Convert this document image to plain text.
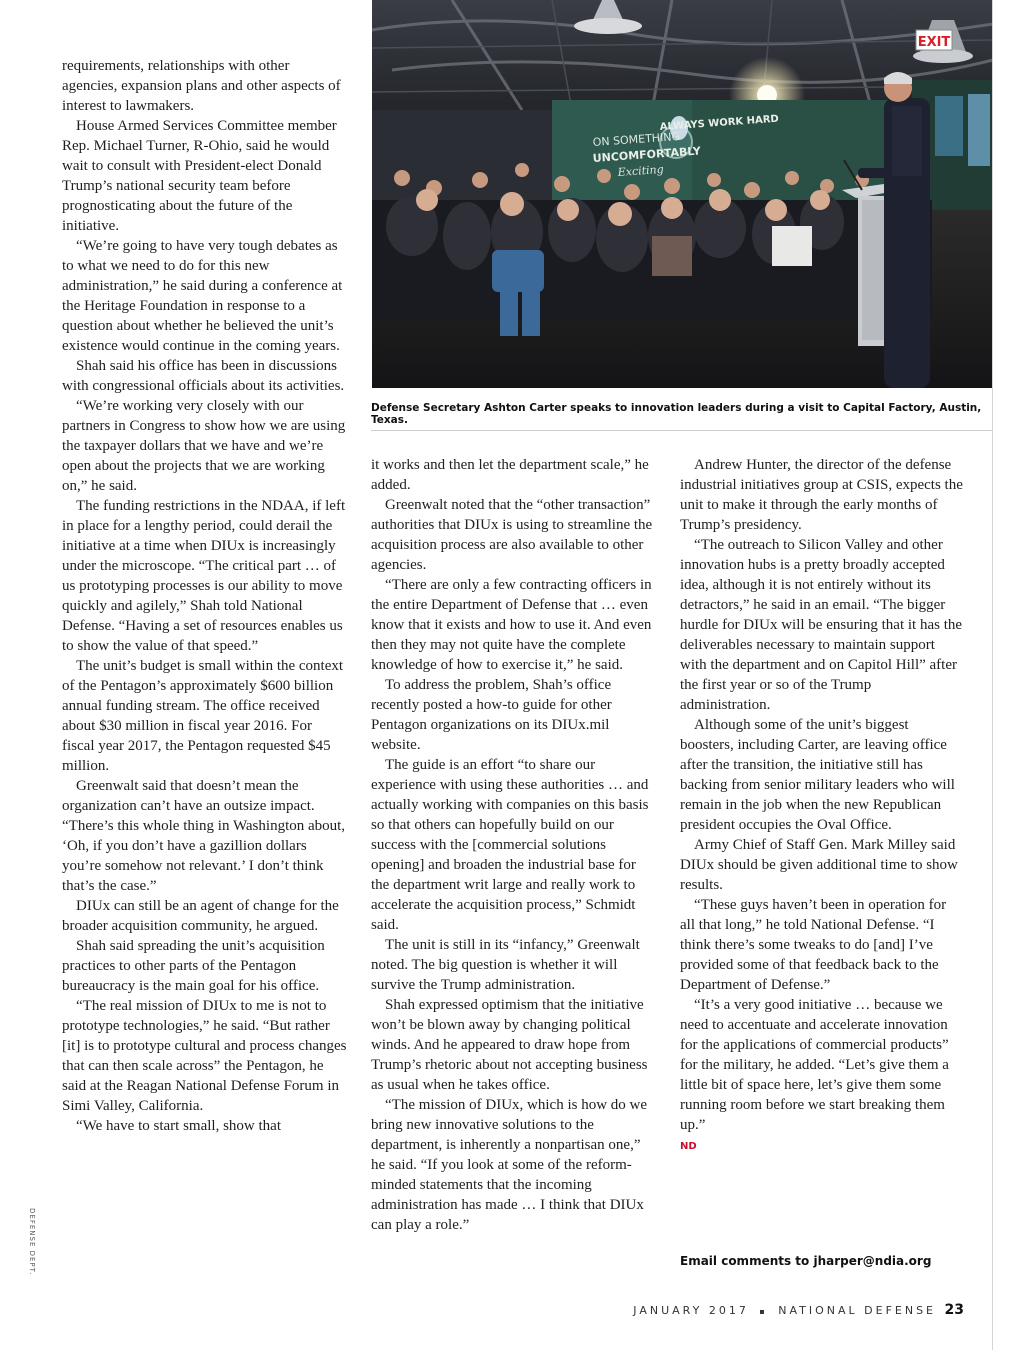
requirements, relationships with other agencies, expansion plans and other aspects of interest to lawmakers.

House Armed Services Committee member Rep. Michael Turner, R-Ohio, said he would wait to consult with President-elect Donald Trump’s national security team before prognosticating about the future of the initiative.

“We’re going to have very tough debates as to what we need to do for this new administration,” he said during a conference at the Heritage Foundation in response to a question about whether he believed the unit’s existence would continue in the coming years.

Shah said his office has been in discussions with congressional officials about its activities.

“We’re working very closely with our partners in Congress to show how we are using the taxpayer dollars that we have and we’re open about the projects that we are working on,” he said.

The funding restrictions in the NDAA, if left in place for a lengthy period, could derail the initiative at a time when DIUx is increasingly under the microscope. “The critical part … of us prototyping processes is our ability to move quickly and agilely,” Shah told National Defense. “Having a set of resources enables us to show the value of that speed.”

The unit’s budget is small within the context of the Pentagon’s approximately $600 billion annual funding stream. The office received about $30 million in fiscal year 2016. For fiscal year 2017, the Pentagon requested $45 million.

Greenwalt said that doesn’t mean the organization can’t have an outsize impact. “There’s this whole thing in Washington about, ‘Oh, if you don’t have a gazillion dollars you’re somehow not relevant.’ I don’t think that’s the case.”

DIUx can still be an agent of change for the broader acquisition community, he argued.

Shah said spreading the unit’s acquisition practices to other parts of the Pentagon bureaucracy is the main goal for his office.

“The real mission of DIUx to me is not to prototype technologies,” he said. “But rather [it] is to prototype cultural and process changes that can then scale across” the Pentagon, he said at the Reagan National Defense Forum in Simi Valley, California.

“We have to start small, show that

EXIT
ALWAYS WORK HARD
ON SOMETHING
UNCOMFORTABLY
Exciting
Defense Secretary Ashton Carter speaks to innovation leaders during a visit to Capital Factory, Austin, Texas.
DEFENSE DEPT.

it works and then let the department scale,” he added.

Greenwalt noted that the “other transaction” authorities that DIUx is using to streamline the acquisition process are also available to other agencies.

“There are only a few contracting officers in the entire Department of Defense that … even know that it exists and how to use it. And even then they may not quite have the complete knowledge of how to exercise it,” he said.

To address the problem, Shah’s office recently posted a how-to guide for other Pentagon organizations on its DIUx.mil website.

The guide is an effort “to share our experience with using these authorities … and actually working with companies on this basis so that others can hopefully build on our success with the [commercial solutions opening] and broaden the industrial base for the department writ large and really work to accelerate the acquisition process,” Schmidt said.

The unit is still in its “infancy,” Greenwalt noted. The big question is whether it will survive the Trump administration.

Shah expressed optimism that the initiative won’t be blown away by changing political winds. And he appeared to draw hope from Trump’s rhetoric about not accepting business as usual when he takes office.

“The mission of DIUx, which is how do we bring new innovative solutions to the department, is inherently a nonpartisan one,” he said. “If you look at some of the reform-minded statements that the incoming administration has made … I think that DIUx can play a role.”

Andrew Hunter, the director of the defense industrial initiatives group at CSIS, expects the unit to make it through the early months of Trump’s presidency.

“The outreach to Silicon Valley and other innovation hubs is a pretty broadly accepted idea, although it is not entirely without its detractors,” he said in an email. “The bigger hurdle for DIUx will be ensuring that it has the deliverables necessary to maintain support with the department and on Capitol Hill” after the first year or so of the Trump administration.

Although some of the unit’s biggest boosters, including Carter, are leaving office after the transition, the initiative still has backing from senior military leaders who will remain in the job when the new Republican president occupies the Oval Office.

Army Chief of Staff Gen. Mark Milley said DIUx should be given additional time to show results.

“These guys haven’t been in operation for all that long,” he told National Defense. “I think there’s some tweaks to do [and] I’ve provided some of that feedback back to the Department of Defense.”

“It’s a very good initiative … because we need to accentuate and accelerate innovation for the applications of commercial products” for the military, he added. “Let’s give them a little bit of space here, let’s give them some running room before we start breaking them up.”

ND
Email comments to jharper@ndia.org
JANUARY 2017 ▪ NATIONAL DEFENSE 23
